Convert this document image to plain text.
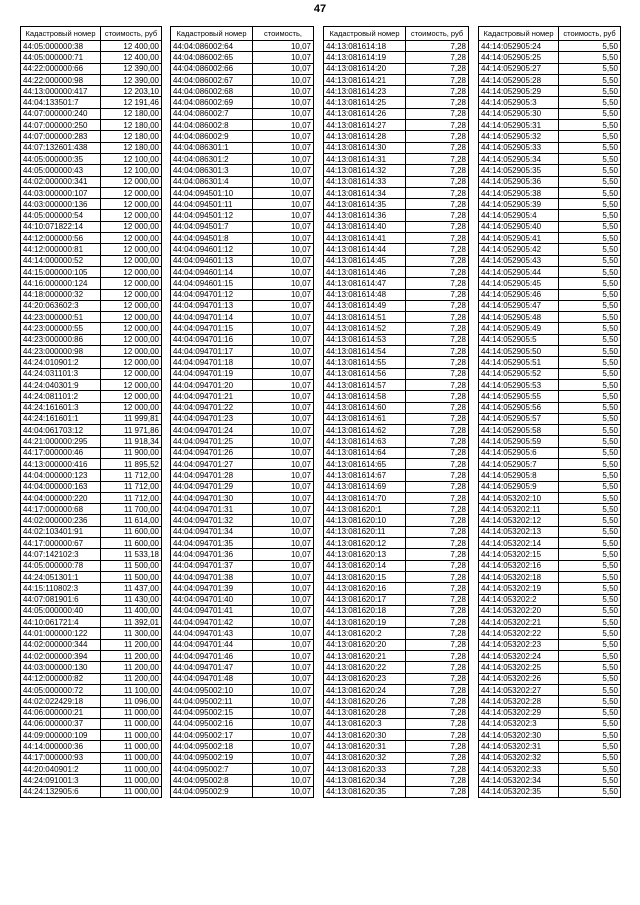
47
Кадастровый номер	стоимость, руб
44:05:000000:38	12 400,00
44:05:000000:71	12 400,00
44:22:000000:66	12 390,00
44:22:000000:98	12 390,00
44:13:000000:417	12 203,10
44:04:133501:7	12 191,46
44:07:000000:240	12 180,00
44:07:000000:250	12 180,00
44:07:000000:283	12 180,00
44:07:132601:438	12 180,00
44:05:000000:35	12 100,00
44:05:000000:43	12 100,00
44:02:000000:341	12 000,00
44:03:000000:107	12 000,00
44:03:000000:136	12 000,00
44:05:000000:54	12 000,00
44:10:071822:14	12 000,00
44:12:000000:56	12 000,00
44:12:000000:81	12 000,00
44:14:000000:52	12 000,00
44:15:000000:105	12 000,00
44:16:000000:124	12 000,00
44:18:000000:32	12 000,00
44:20:063602:3	12 000,00
44:23:000000:51	12 000,00
44:23:000000:55	12 000,00
44:23:000000:86	12 000,00
44:23:000000:98	12 000,00
44:24:010901:2	12 000,00
44:24:031101:3	12 000,00
44:24:040301:9	12 000,00
44:24:081101:2	12 000,00
44:24:161601:3	12 000,00
44:24:161601:1	11 999,81
44:04:061703:12	11 971,86
44:21:000000:295	11 918,34
44:17:000000:46	11 900,00
44:13:000000:416	11 895,52
44:04:000000:123	11 712,00
44:04:000000:163	11 712,00
44:04:000000:220	11 712,00
44:17:000000:68	11 700,00
44:02:000000:236	11 614,00
44:02:103401:91	11 600,00
44:17:000000:67	11 600,00
44:07:142102:3	11 533,18
44:05:000000:78	11 500,00
44:24:051301:1	11 500,00
44:15:110802:3	11 437,00
44:07:081901:6	11 430,00
44:05:000000:40	11 400,00
44:10:061721:4	11 392,01
44:01:000000:122	11 300,00
44:02:000000:344	11 200,00
44:02:000000:394	11 200,00
44:03:000000:130	11 200,00
44:12:000000:82	11 200,00
44:05:000000:72	11 100,00
44:02:022429:18	11 096,00
44:06:000000:21	11 000,00
44:06:000000:37	11 000,00
44:09:000000:109	11 000,00
44:14:000000:36	11 000,00
44:17:000000:93	11 000,00
44:20:040901:2	11 000,00
44:24:091001:3	11 000,00
44:24:132905:6	11 000,00
Кадастровый номер	стоимость,
44:04:086002:64	10,07
44:04:086002:65	10,07
44:04:086002:66	10,07
44:04:086002:67	10,07
44:04:086002:68	10,07
44:04:086002:69	10,07
44:04:086002:7	10,07
44:04:086002:8	10,07
44:04:086002:9	10,07
44:04:086301:1	10,07
44:04:086301:2	10,07
44:04:086301:3	10,07
44:04:086301:4	10,07
44:04:094501:10	10,07
44:04:094501:11	10,07
44:04:094501:12	10,07
44:04:094501:7	10,07
44:04:094501:8	10,07
44:04:094601:12	10,07
44:04:094601:13	10,07
44:04:094601:14	10,07
44:04:094601:15	10,07
44:04:094701:12	10,07
44:04:094701:13	10,07
44:04:094701:14	10,07
44:04:094701:15	10,07
44:04:094701:16	10,07
44:04:094701:17	10,07
44:04:094701:18	10,07
44:04:094701:19	10,07
44:04:094701:20	10,07
44:04:094701:21	10,07
44:04:094701:22	10,07
44:04:094701:23	10,07
44:04:094701:24	10,07
44:04:094701:25	10,07
44:04:094701:26	10,07
44:04:094701:27	10,07
44:04:094701:28	10,07
44:04:094701:29	10,07
44:04:094701:30	10,07
44:04:094701:31	10,07
44:04:094701:32	10,07
44:04:094701:34	10,07
44:04:094701:35	10,07
44:04:094701:36	10,07
44:04:094701:37	10,07
44:04:094701:38	10,07
44:04:094701:39	10,07
44:04:094701:40	10,07
44:04:094701:41	10,07
44:04:094701:42	10,07
44:04:094701:43	10,07
44:04:094701:44	10,07
44:04:094701:46	10,07
44:04:094701:47	10,07
44:04:094701:48	10,07
44:04:095002:10	10,07
44:04:095002:11	10,07
44:04:095002:15	10,07
44:04:095002:16	10,07
44:04:095002:17	10,07
44:04:095002:18	10,07
44:04:095002:19	10,07
44:04:095002:7	10,07
44:04:095002:8	10,07
44:04:095002:9	10,07
Кадастровый номер	стоимость, руб
44:13:081614:18	7,28
44:13:081614:19	7,28
44:13:081614:20	7,28
44:13:081614:21	7,28
44:13:081614:23	7,28
44:13:081614:25	7,28
44:13:081614:26	7,28
44:13:081614:27	7,28
44:13:081614:28	7,28
44:13:081614:30	7,28
44:13:081614:31	7,28
44:13:081614:32	7,28
44:13:081614:33	7,28
44:13:081614:34	7,28
44:13:081614:35	7,28
44:13:081614:36	7,28
44:13:081614:40	7,28
44:13:081614:41	7,28
44:13:081614:44	7,28
44:13:081614:45	7,28
44:13:081614:46	7,28
44:13:081614:47	7,28
44:13:081614:48	7,28
44:13:081614:49	7,28
44:13:081614:51	7,28
44:13:081614:52	7,28
44:13:081614:53	7,28
44:13:081614:54	7,28
44:13:081614:55	7,28
44:13:081614:56	7,28
44:13:081614:57	7,28
44:13:081614:58	7,28
44:13:081614:60	7,28
44:13:081614:61	7,28
44:13:081614:62	7,28
44:13:081614:63	7,28
44:13:081614:64	7,28
44:13:081614:65	7,28
44:13:081614:67	7,28
44:13:081614:69	7,28
44:13:081614:70	7,28
44:13:081620:1	7,28
44:13:081620:10	7,28
44:13:081620:11	7,28
44:13:081620:12	7,28
44:13:081620:13	7,28
44:13:081620:14	7,28
44:13:081620:15	7,28
44:13:081620:16	7,28
44:13:081620:17	7,28
44:13:081620:18	7,28
44:13:081620:19	7,28
44:13:081620:2	7,28
44:13:081620:20	7,28
44:13:081620:21	7,28
44:13:081620:22	7,28
44:13:081620:23	7,28
44:13:081620:24	7,28
44:13:081620:26	7,28
44:13:081620:28	7,28
44:13:081620:3	7,28
44:13:081620:30	7,28
44:13:081620:31	7,28
44:13:081620:32	7,28
44:13:081620:33	7,28
44:13:081620:34	7,28
44:13:081620:35	7,28
Кадастровый номер	стоимость, руб
44:14:052905:24	5,50
44:14:052905:25	5,50
44:14:052905:27	5,50
44:14:052905:28	5,50
44:14:052905:29	5,50
44:14:052905:3	5,50
44:14:052905:30	5,50
44:14:052905:31	5,50
44:14:052905:32	5,50
44:14:052905:33	5,50
44:14:052905:34	5,50
44:14:052905:35	5,50
44:14:052905:36	5,50
44:14:052905:38	5,50
44:14:052905:39	5,50
44:14:052905:4	5,50
44:14:052905:40	5,50
44:14:052905:41	5,50
44:14:052905:42	5,50
44:14:052905:43	5,50
44:14:052905:44	5,50
44:14:052905:45	5,50
44:14:052905:46	5,50
44:14:052905:47	5,50
44:14:052905:48	5,50
44:14:052905:49	5,50
44:14:052905:5	5,50
44:14:052905:50	5,50
44:14:052905:51	5,50
44:14:052905:52	5,50
44:14:052905:53	5,50
44:14:052905:55	5,50
44:14:052905:56	5,50
44:14:052905:57	5,50
44:14:052905:58	5,50
44:14:052905:59	5,50
44:14:052905:6	5,50
44:14:052905:7	5,50
44:14:052905:8	5,50
44:14:052905:9	5,50
44:14:053202:10	5,50
44:14:053202:11	5,50
44:14:053202:12	5,50
44:14:053202:13	5,50
44:14:053202:14	5,50
44:14:053202:15	5,50
44:14:053202:16	5,50
44:14:053202:18	5,50
44:14:053202:19	5,50
44:14:053202:2	5,50
44:14:053202:20	5,50
44:14:053202:21	5,50
44:14:053202:22	5,50
44:14:053202:23	5,50
44:14:053202:24	5,50
44:14:053202:25	5,50
44:14:053202:26	5,50
44:14:053202:27	5,50
44:14:053202:28	5,50
44:14:053202:29	5,50
44:14:053202:3	5,50
44:14:053202:30	5,50
44:14:053202:31	5,50
44:14:053202:32	5,50
44:14:053202:33	5,50
44:14:053202:34	5,50
44:14:053202:35	5,50
